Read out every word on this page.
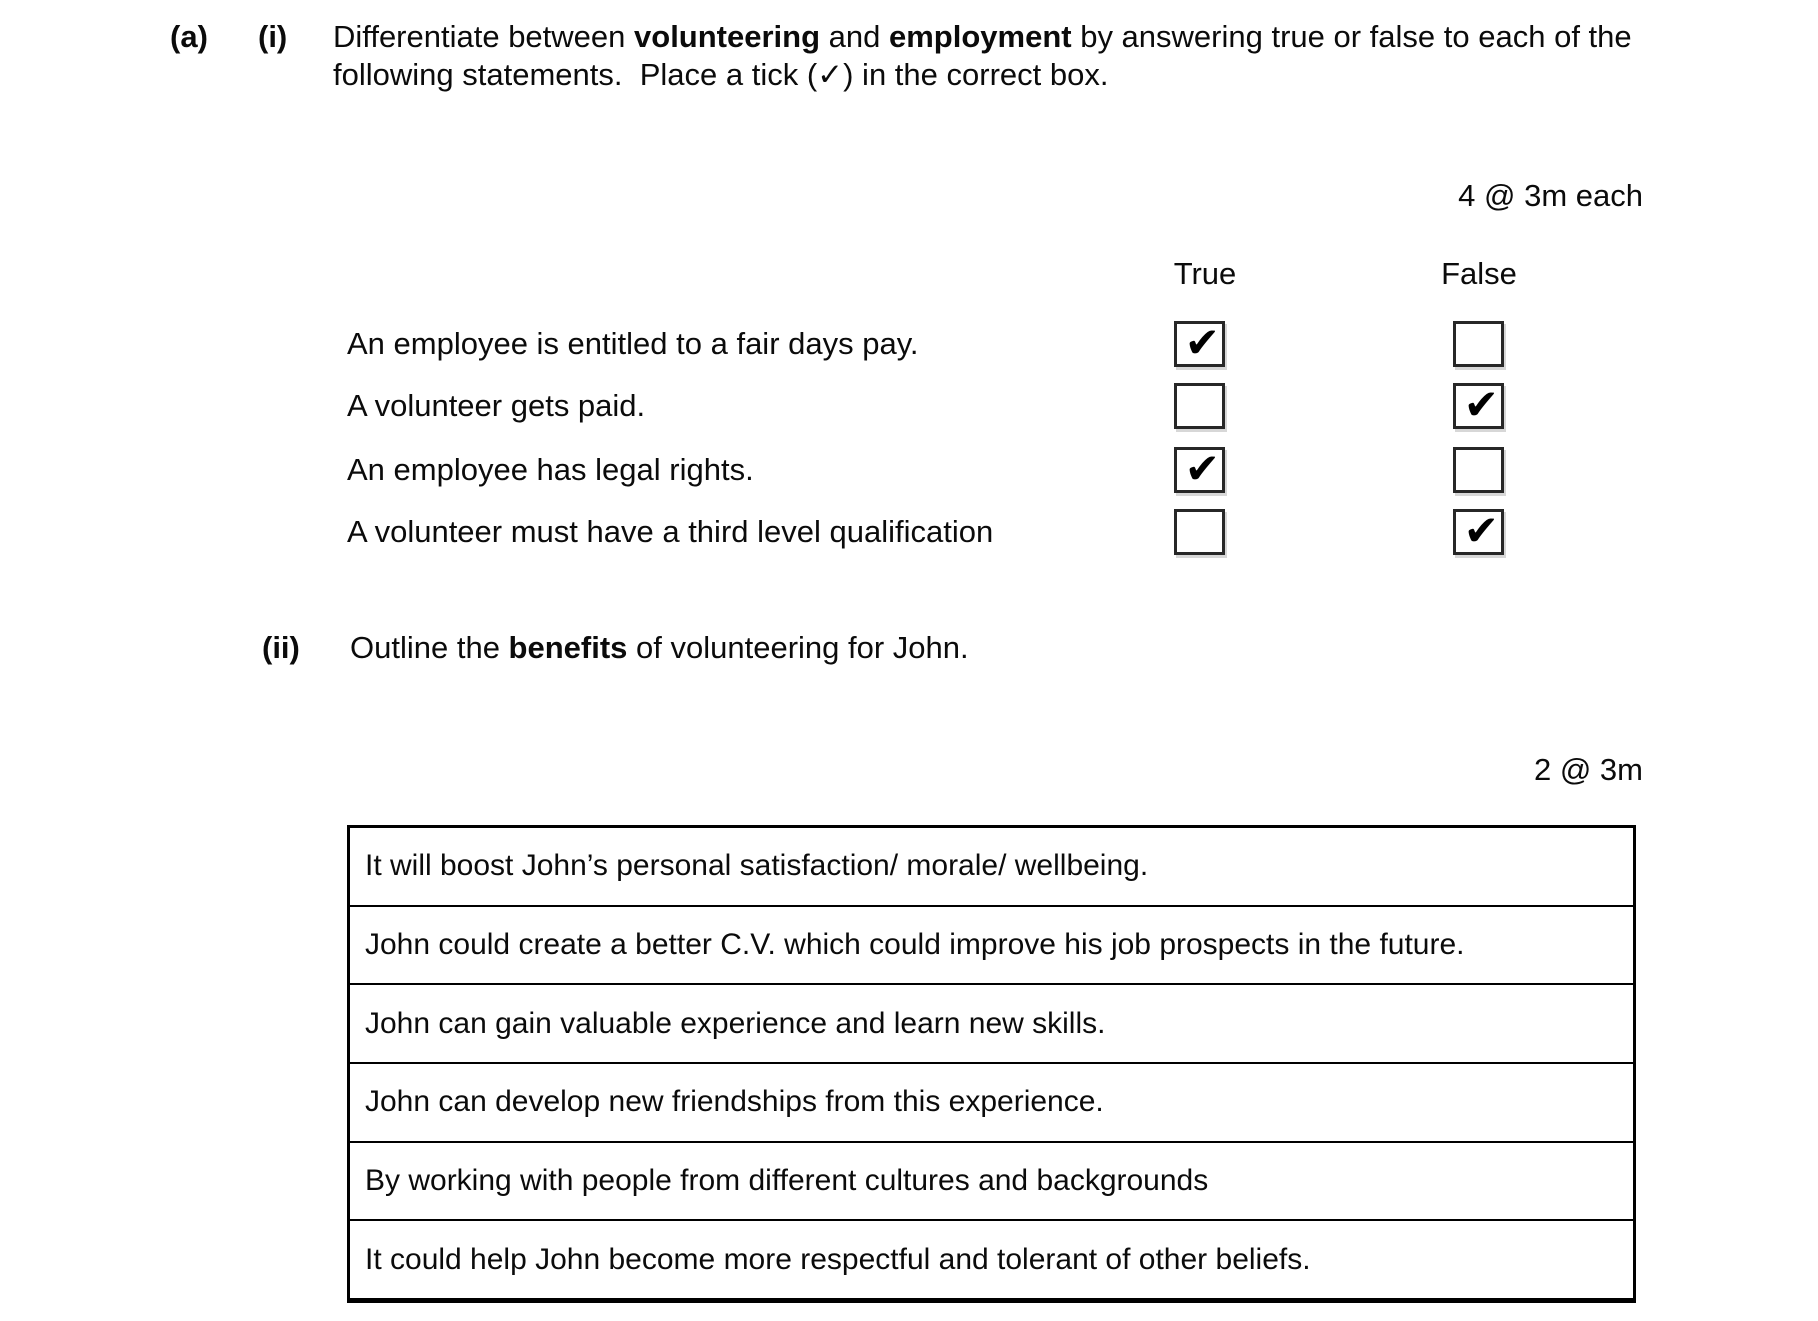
(a) (i) Differentiate between volunteering and employment by answering true or false to each of the
following statements.  Place a tick (✓) in the correct box.
4 @ 3m each
True	False
An employee is entitled to a fair days pay.
A volunteer gets paid.
An employee has legal rights.
A volunteer must have a third level qualification
✔
✔
✔
✔
(ii) Outline the benefits of volunteering for John.
2 @ 3m
It will boost John’s personal satisfaction/ morale/ wellbeing.
John could create a better C.V. which could improve his job prospects in the future.
John can gain valuable experience and learn new skills.
John can develop new friendships from this experience.
By working with people from different cultures and backgrounds
It could help John become more respectful and tolerant of other beliefs.
